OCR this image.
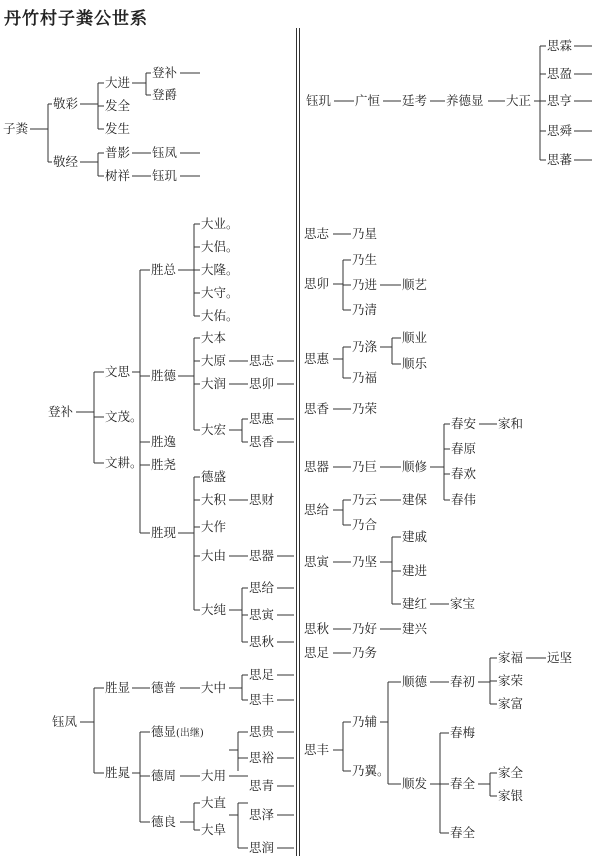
丹竹村子粪公世系
子粪
敬彩
敬经
大进
发全
发生
登补
登爵
普影
树祥
钰凤
钰玑
登补
文思
文茂。
文耕。
胜总
胜德
胜逸
胜尧
胜现
大业。
大侣。
大隆。
大守。
大佑。
大本
大原
大润
大宏
思志
思卯
思惠
思香
德盛
大积 思财
大作
大由 思器
大纯
思给
思寅
思秋
钰凤
胜显
胜晁
德普 大中
思足
思丰
德显(出继)	思贵
思裕
德周 大用
思青
德良
大直
大阜
思泽
思润
钰玑 广恒 廷考 养德显 大正
思霖
思盈
思亨
思舜
思蕃
思志 乃星
思卯
乃生
乃进
乃清
顺艺
思惠
乃涤
乃福
顺业
顺乐
思香 乃荣
春安 家和
春原
思器 乃巨 顺修 春欢
春伟
思给
乃云 建保
乃合
建戚
思寅 乃坚
建进
建红 家宝
思秋 乃好 建兴
思足 乃务	家福 远坚
顺德 春初 家荣
家富
乃辅
春梅
思丰
乃翼。	家全
顺发 春全
家银
春全
